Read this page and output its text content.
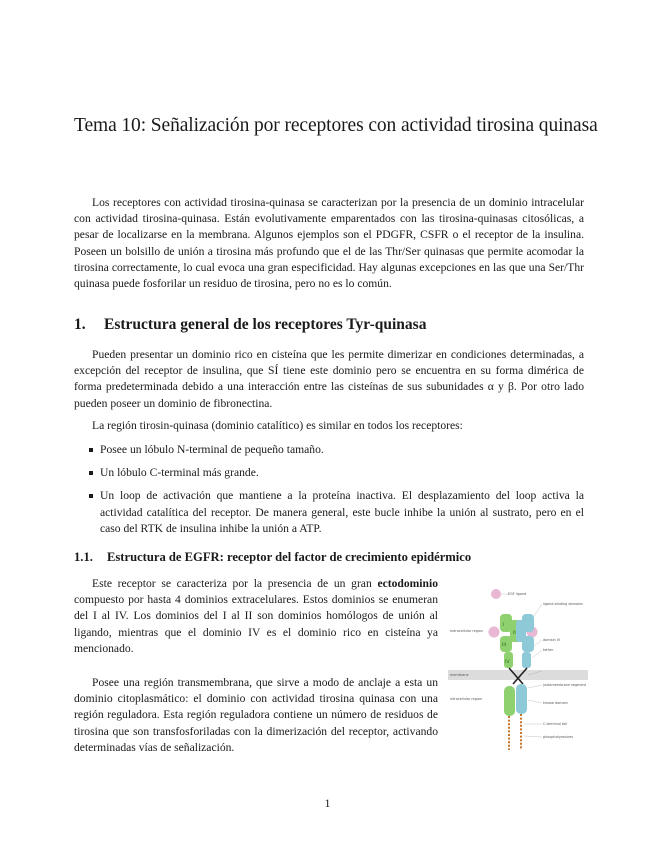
Tema 10: Señalización por receptores con actividad tirosina quinasa

Los receptores con actividad tirosina-quinasa se caracterizan por la presencia de un dominio intracelular con actividad tirosina-quinasa. Están evolutivamente emparentados con las tirosina-quinasas citosólicas, a pesar de localizarse en la membrana. Algunos ejemplos son el PDGFR, CSFR o el receptor de la insulina. Poseen un bolsillo de unión a tirosina más profundo que el de las Thr/Ser quinasas que permite acomodar la tirosina correctamente, lo cual evoca una gran especificidad. Hay algunas excepciones en las que una Ser/Thr quinasa puede fosforilar un residuo de tirosina, pero no es lo común.

1. Estructura general de los receptores Tyr-quinasa

Pueden presentar un dominio rico en cisteína que les permite dimerizar en condiciones determinadas, a excepción del receptor de insulina, que SÍ tiene este dominio pero se encuentra en su forma dimérica de forma predeterminada debido a una interacción entre las cisteínas de sus subunidades α y β. Por otro lado pueden poseer un dominio de fibronectina.

La región tirosin-quinasa (dominio catalítico) es similar en todos los receptores:

Posee un lóbulo N-terminal de pequeño tamaño.
Un lóbulo C-terminal más grande.
Un loop de activación que mantiene a la proteína inactiva. El desplazamiento del loop activa la actividad catalítica del receptor. De manera general, este bucle inhibe la unión al sustrato, pero en el caso del RTK de insulina inhibe la unión a ATP.
1.1. Estructura de EGFR: receptor del factor de crecimiento epidérmico

Este receptor se caracteriza por la presencia de un gran ectodominio compuesto por hasta 4 dominios extracelulares. Estos dominios se enumeran del I al IV. Los dominios del I al II son dominios homólogos de unión al ligando, mientras que el dominio IV es el dominio rico en cisteína ya mencionado.

Posee una región transmembrana, que sirve a modo de anclaje a esta un dominio citoplasmático: el dominio con actividad tirosina quinasa con una región reguladora. Esta región reguladora contiene un número de residuos de tirosina que son transfosforiladas con la dimerización del receptor, activando determinadas vías de señalización.

I
II
III
IV
EGF ligand
ligand-binding domains
extracellular region
domain IV
tether
membrane
juxtamembrane segment
intracellular region
kinase domain
C-terminal tail
phosphotyrosines
1
